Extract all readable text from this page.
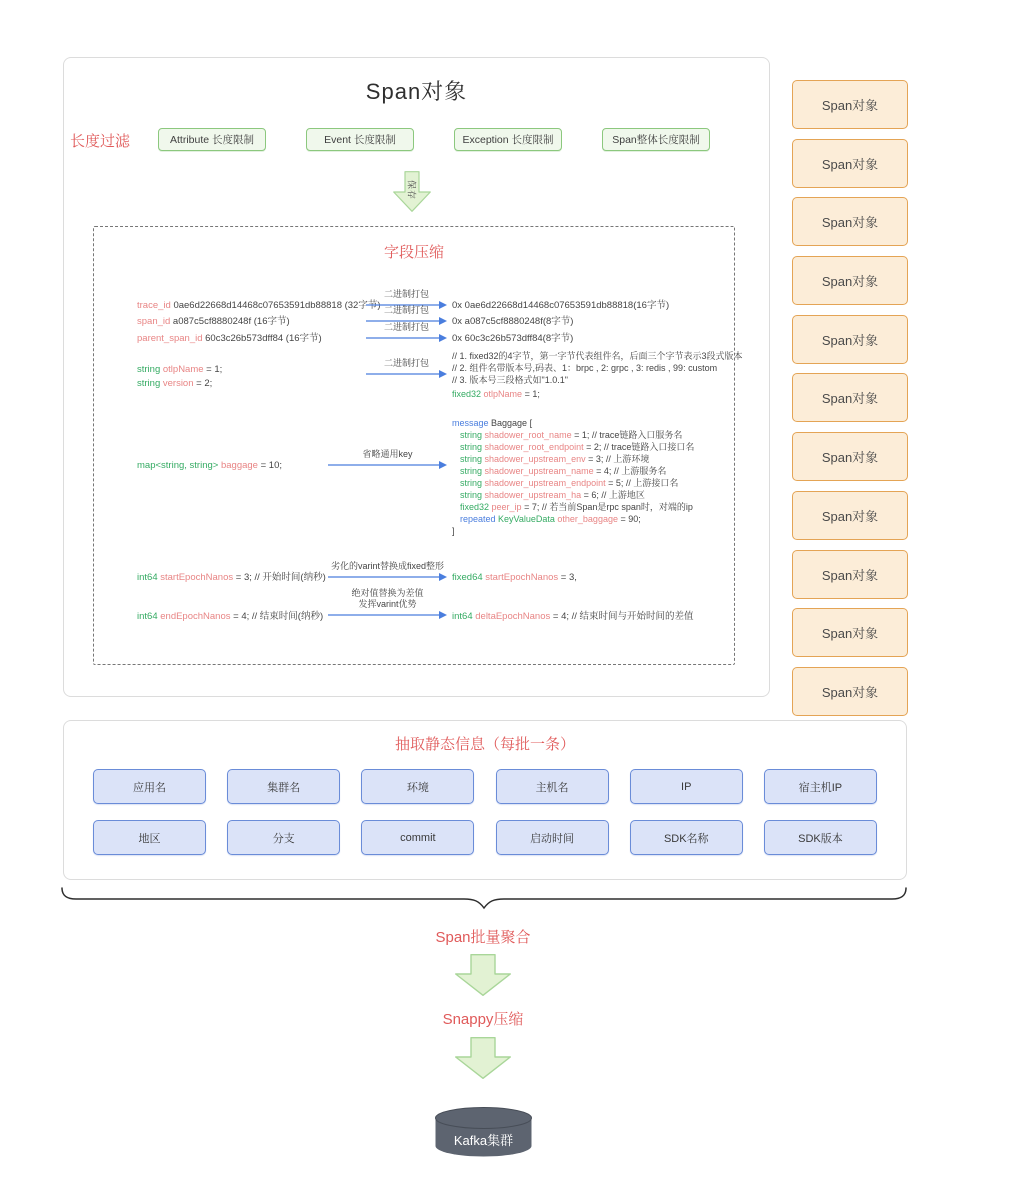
Span对象
长度过滤	Attribute 长度限制	Event 长度限制	Exception 长度限制	Span整体长度限制
保存
字段压缩
Span对象
Span对象
Span对象
Span对象
Span对象
Span对象
Span对象
Span对象
Span对象
Span对象
Span对象
抽取静态信息（每批一条）
应用名	集群名	环境	主机名	IP	宿主机IP
地区	分支	commit	启动时间	SDK名称	SDK版本
Span批量聚合
Snappy压缩
Kafka集群
trace_id 0ae6d22668d14468c07653591db88818 (32字节)
二进制打包
0x 0ae6d22668d14468c07653591db88818(16字节)
span_id a087c5cf8880248f (16字节)
二进制打包
0x a087c5cf8880248f(8字节)
parent_span_id 60c3c26b573dff84 (16字节)
二进制打包
0x 60c3c26b573dff84(8字节)
string otlpName = 1;
string version = 2;
二进制打包
// 1. fixed32的4字节，第一字节代表组件名，后面三个字节表示3段式版本
// 2. 组件名带版本号,码表、1：brpc , 2: grpc , 3: redis , 99: custom
// 3. 版本号三段格式如"1.0.1"
fixed32 otlpName = 1;
map<string, string> baggage = 10;
省略通用key
message Baggage [
string shadower_root_name = 1; // trace链路入口服务名
string shadower_root_endpoint = 2; // trace链路入口接口名
string shadower_upstream_env = 3; // 上游环境
string shadower_upstream_name = 4; // 上游服务名
string shadower_upstream_endpoint = 5; // 上游接口名
string shadower_upstream_ha = 6; // 上游地区
fixed32 peer_ip = 7; // 若当前Span是rpc span时，对端的ip
repeated KeyValueData other_baggage = 90;
]
int64 startEpochNanos = 3; // 开始时间(纳秒)
劣化的varint替换成fixed整形
fixed64 startEpochNanos = 3,
int64 endEpochNanos = 4; // 结束时间(纳秒)
绝对值替换为差值
发挥varint优势
int64 deltaEpochNanos = 4; // 结束时间与开始时间的差值
